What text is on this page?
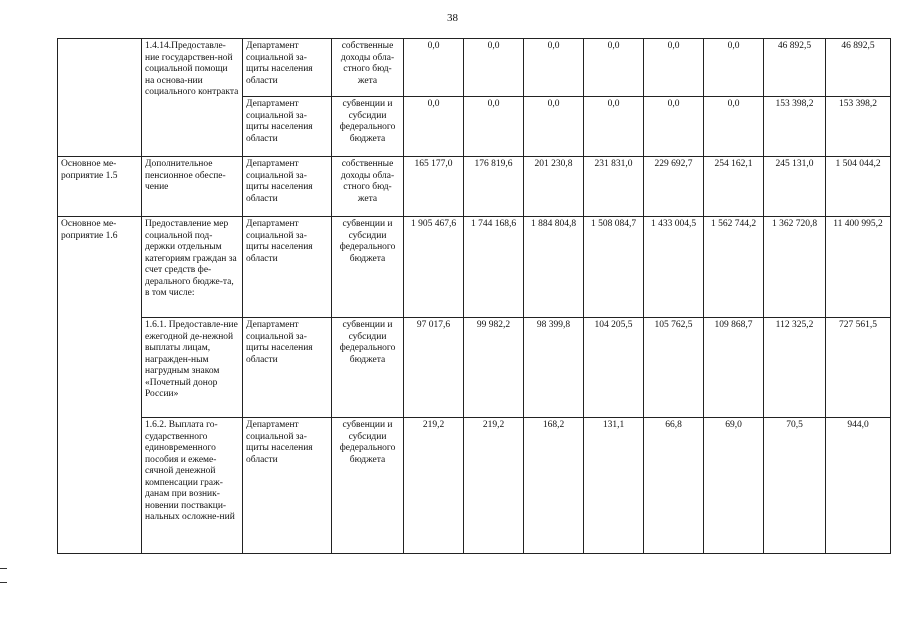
38
	1.4.14.Предоставле-ние государствен-ной социальной помощи на основа-нии социального контракта	Департамент социальной за-щиты населения области	собственные доходы обла-стного бюд-жета	0,0	0,0	0,0	0,0	0,0	0,0	46 892,5	46 892,5
		Департамент социальной за-щиты населения области	субвенции и субсидии федерального бюджета	0,0	0,0	0,0	0,0	0,0	0,0	153 398,2	153 398,2
Основное ме-роприятие 1.5	Дополнительное пенсионное обеспе-чение	Департамент социальной за-щиты населения области	собственные доходы обла-стного бюд-жета	165 177,0	176 819,6	201 230,8	231 831,0	229 692,7	254 162,1	245 131,0	1 504 044,2
Основное ме-роприятие 1.6	Предоставление мер социальной под-держки отдельным категориям граждан за счет средств фе-дерального бюдже-та, в том числе:	Департамент социальной за-щиты населения области	субвенции и субсидии федерального бюджета	1 905 467,6	1 744 168,6	1 884 804,8	1 508 084,7	1 433 004,5	1 562 744,2	1 362 720,8	11 400 995,2
	1.6.1. Предоставле-ние ежегодной де-нежной выплаты лицам, награжден-ным нагрудным знаком «Почетный донор России»	Департамент социальной за-щиты населения области	субвенции и субсидии федерального бюджета	97 017,6	99 982,2	98 399,8	104 205,5	105 762,5	109 868,7	112 325,2	727 561,5
	1.6.2. Выплата го-сударственного единовременного пособия и ежеме-сячной денежной компенсации граж-данам при возник-новении поствакци-нальных осложне-ний	Департамент социальной за-щиты населения области	субвенции и субсидии федерального бюджета	219,2	219,2	168,2	131,1	66,8	69,0	70,5	944,0
